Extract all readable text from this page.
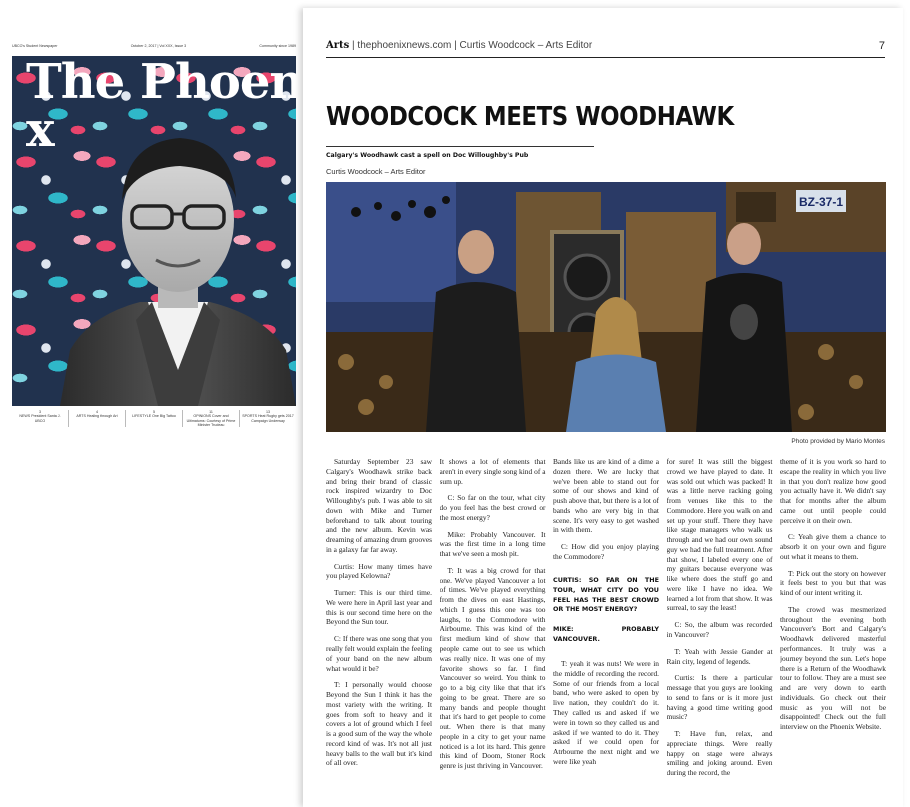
UBCO's Student Newspaper	October 2, 2017 | Vol XXX, Issue 3	Community since 1989
The Phoen x
3
NEWS President Santa J. UBCO
4
ARTS Healing through Art
5
LIFESTYLE One Big Tattoo
11
OPINIONS Cover and Ultimatums: Courtesy of Prime Minister Trudeau
13
SPORTS Heat Rugby gets 2017 Campaign Underway
Arts | thephoenixnews.com | Curtis Woodcock – Arts Editor	7
WOODCOCK MEETS WOODHAWK
Calgary's Woodhawk cast a spell on Doc Willoughby's Pub
Curtis Woodcock – Arts Editor
BZ-37-1
Photo provided by Mario Montes

Saturday September 23 saw Calgary's Woodhawk strike back and bring their brand of classic rock inspired wizardry to Doc Willoughby's pub. I was able to sit down with Mike and Turner beforehand to talk about touring and the new album. Kevin was dreaming of amazing drum grooves in a galaxy far far away.

Curtis: How many times have you played Kelowna?

Turner: This is our third time. We were here in April last year and this is our second time here on the Beyond the Sun tour.

C: If there was one song that you really felt would explain the feeling of your band on the new album what would it be?

T: I personally would choose Beyond the Sun I think it has the most variety with the writing. It goes from soft to heavy and it covers a lot of ground which I feel is a good sum of the way the whole record kind of was. It's not all just heavy balls to the wall but it's kind of all over.

It shows a lot of elements that aren't in every single song kind of a sum up.

C: So far on the tour, what city do you feel has the best crowd or the most energy?

Mike: Probably Vancouver. It was the first time in a long time that we've seen a mosh pit.

T: It was a big crowd for that one. We've played Vancouver a lot of times. We've played everything from the dives on east Hastings, which I guess this one was too laughs, to the Commodore with Airbourne. This was kind of the first medium kind of show that people came out to see us which was really nice. It was one of my favorite shows so far. I find Vancouver so weird. You think to go to a big city like that that it's going to be great. There are so many bands and people thought that it's hard to get people to come out. When there is that many people in a city to get your name noticed is a lot its hard. This genre this kind of Doom, Stoner Rock genre is just thriving in Vancouver.

Bands like us are kind of a dime a dozen there. We are lucky that we've been able to stand out for some of our shows and kind of push above that, but there is a lot of bands who are very big in that scene. It's very easy to get washed in with them.

C: How did you enjoy playing the Commodore?

CURTIS: SO FAR ON THE TOUR, WHAT CITY DO YOU FEEL HAS THE BEST CROWD OR THE MOST ENERGY?
MIKE: PROBABLY VANCOUVER.

T: yeah it was nuts! We were in the middle of recording the record. Some of our friends from a local band, who were asked to open by live nation, they couldn't do it. They called us and asked if we were in town so they called us and asked if we wanted to do it. They asked if we could open for Atrbourne the next night and we were like yeah

for sure! It was still the biggest crowd we have played to date. It was sold out which was packed! It was a little nerve racking going from venues like this to the Commodore. Here you walk on and set up your stuff. There they have like stage managers who walk us through and we had our own sound guy we had the full treatment. After that show, I labeled every one of my guitars because everyone was like where does the stuff go and were like I have no idea. We learned a lot from that show. It was surreal, to say the least!

C: So, the album was recorded in Vancouver?

T: Yeah with Jessie Gander at Rain city, legend of legends.

Curtis: Is there a particular message that you guys are looking to send to fans or is it more just having a good time writing good music?

T: Have fun, relax, and appreciate things. Were really happy on stage were always smiling and joking around. Even during the record, the

theme of it is you work so hard to escape the reality in which you live in that you don't realize how good you actually have it. We didn't say that for months after the album came out until people could perceive it on their own.

C: Yeah give them a chance to absorb it on your own and figure out what it means to them.

T: Pick out the story on however it feels best to you but that was kind of our intent writing it.

The crowd was mesmerized throughout the evening both Vancouver's Bort and Calgary's Woodhawk delivered masterful performances. It truly was a journey beyond the sun. Let's hope there is a Return of the Woodhawk tour to follow. They are a must see and are very down to earth individuals. Go check out their music as you will not be disappointed! Check out the full interview on the Phoenix Website.
